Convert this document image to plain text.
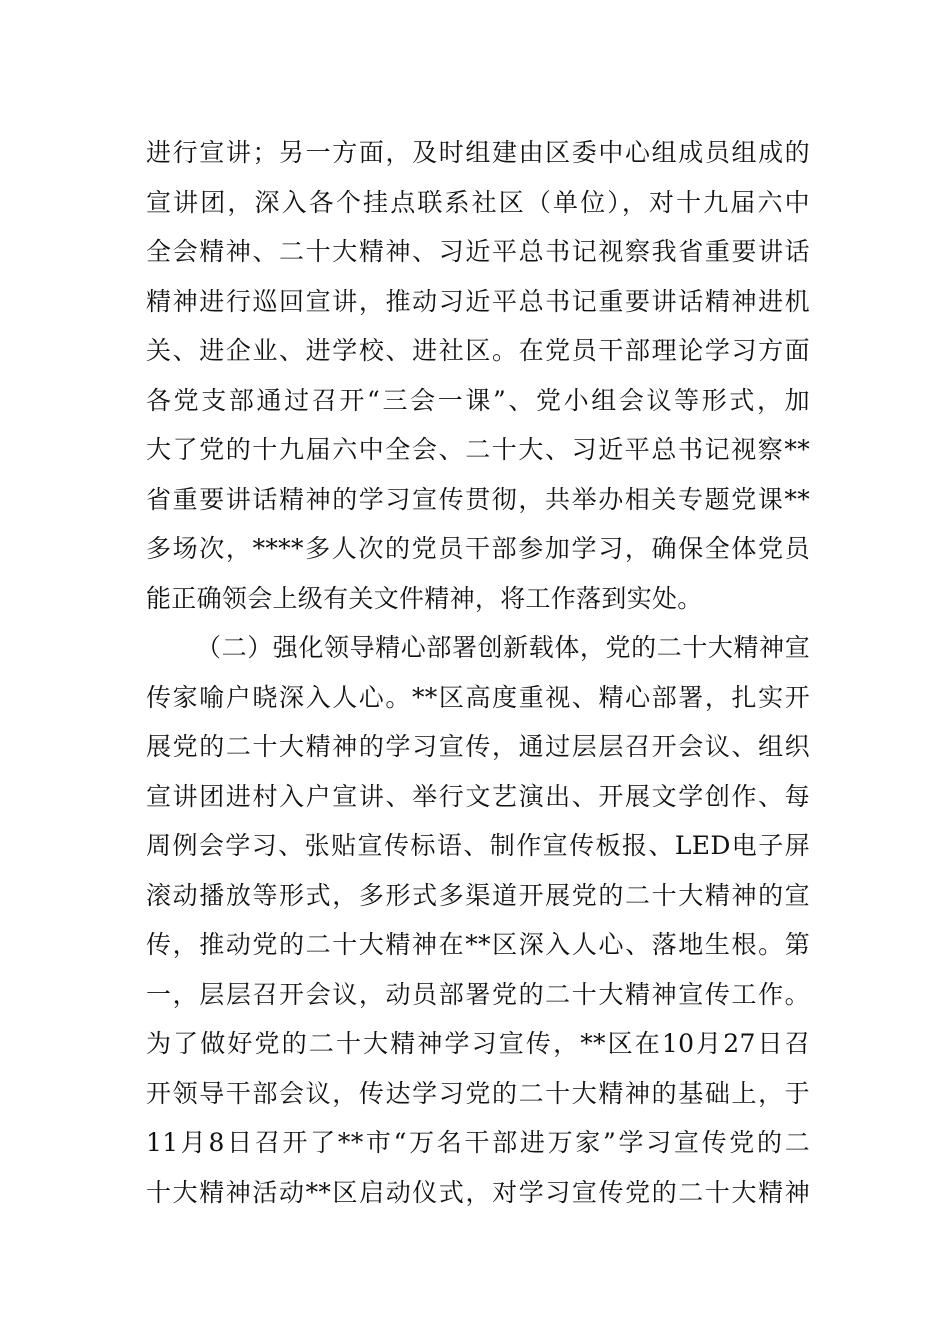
进行宣讲；另一方面，及时组建由区委中心组成员组成的
宣讲团，深入各个挂点联系社区（单位），对十九届六中
全会精神、二十大精神、习近平总书记视察我省重要讲话
精神进行巡回宣讲，推动习近平总书记重要讲话精神进机
关、进企业、进学校、进社区。在党员干部理论学习方面
各党支部通过召开“三会一课”、党小组会议等形式，加
大了党的十九届六中全会、二十大、习近平总书记视察**
省重要讲话精神的学习宣传贯彻，共举办相关专题党课**
多场次，****多人次的党员干部参加学习，确保全体党员
能正确领会上级有关文件精神，将工作落到实处。
（二）强化领导精心部署创新载体，党的二十大精神宣
传家喻户晓深入人心。**区高度重视、精心部署，扎实开
展党的二十大精神的学习宣传，通过层层召开会议、组织
宣讲团进村入户宣讲、举行文艺演出、开展文学创作、每
周例会学习、张贴宣传标语、制作宣传板报、LED电子屏
滚动播放等形式，多形式多渠道开展党的二十大精神的宣
传，推动党的二十大精神在**区深入人心、落地生根。第
一，层层召开会议，动员部署党的二十大精神宣传工作。
为了做好党的二十大精神学习宣传，**区在10月27日召
开领导干部会议，传达学习党的二十大精神的基础上，于
11月8日召开了**市“万名干部进万家”学习宣传党的二
十大精神活动**区启动仪式，对学习宣传党的二十大精神
